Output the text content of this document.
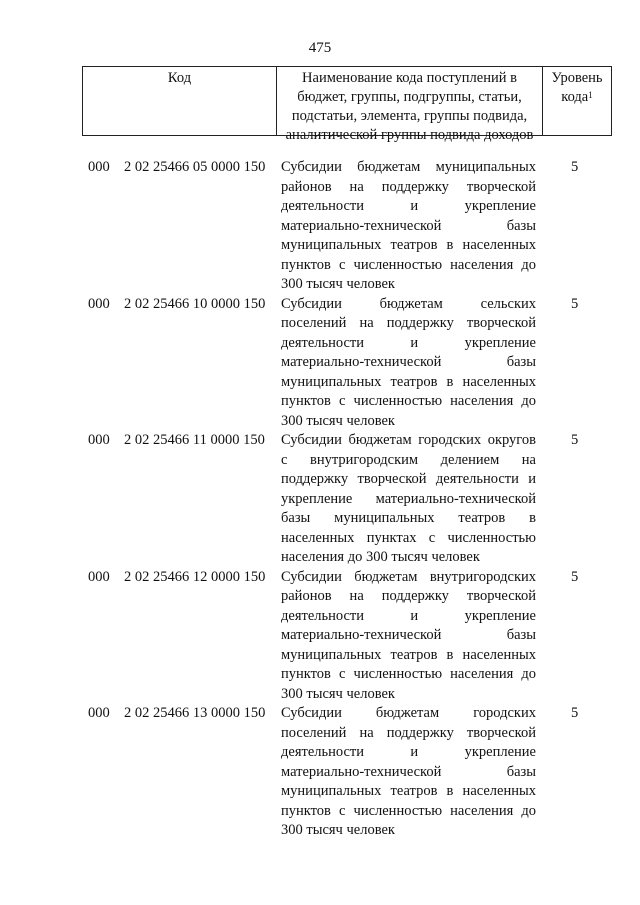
475
Код	Наименование кода поступлений в бюджет, группы, подгруппы, статьи, подстатьи, элемента, группы подвида, аналитической группы подвида доходов
Уровень кода$^1$
000 2 02 25466 05 0000 150 Субсидии бюджетам муниципальных
районов на поддержку творческой
деятельности и укрепление
материально-технической базы
муниципальных театров в населенных
пунктов с численностью населения до
300 тысяч человек
5
000 2 02 25466 10 0000 150 Субсидии бюджетам сельских
поселений на поддержку творческой
деятельности и укрепление
материально-технической базы
муниципальных театров в населенных
пунктов с численностью населения до
300 тысяч человек
5
000 2 02 25466 11 0000 150 Субсидии бюджетам городских округов
с внутригородским делением на
поддержку творческой деятельности и
укрепление материально-технической
базы муниципальных театров в
населенных пунктах с численностью
населения до 300 тысяч человек
5
000 2 02 25466 12 0000 150 Субсидии бюджетам внутригородских
районов на поддержку творческой
деятельности и укрепление
материально-технической базы
муниципальных театров в населенных
пунктов с численностью населения до
300 тысяч человек
5
000 2 02 25466 13 0000 150 Субсидии бюджетам городских
поселений на поддержку творческой
деятельности и укрепление
материально-технической базы
муниципальных театров в населенных
пунктов с численностью населения до
300 тысяч человек
5
